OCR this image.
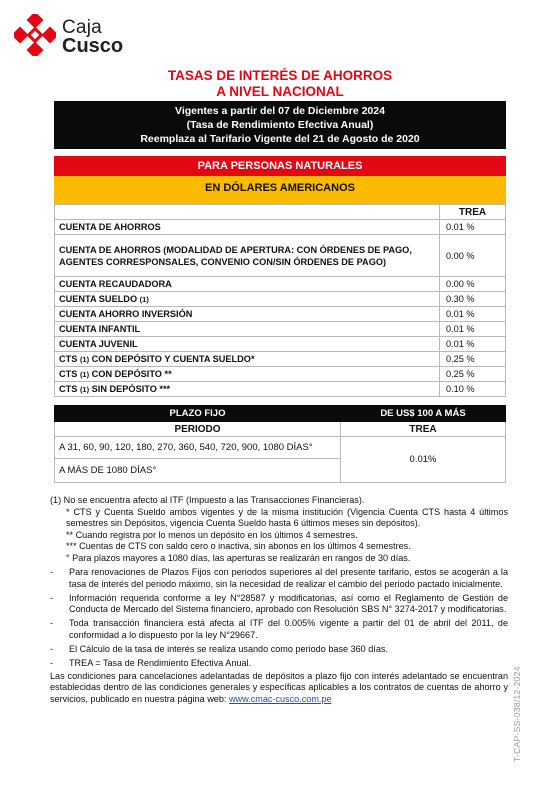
Caja
Cusco
TASAS DE INTERÉS DE AHORROS
A NIVEL NACIONAL
Vigentes a partir del 07 de Diciembre 2024
(Tasa de Rendimiento Efectiva Anual)
Reemplaza al Tarifario Vigente del 21 de Agosto de 2020
PARA PERSONAS NATURALES
EN DÓLARES AMERICANOS
	TREA
CUENTA DE AHORROS	0.01 %
CUENTA DE AHORROS (MODALIDAD DE APERTURA: CON ÓRDENES DE PAGO, AGENTES CORRESPONSALES, CONVENIO CON/SIN ÓRDENES DE PAGO)	0.00 %
CUENTA RECAUDADORA	0.00 %
CUENTA SUELDO (1)	0.30 %
CUENTA AHORRO INVERSIÓN	0.01 %
CUENTA INFANTIL	0.01 %
CUENTA JUVENIL	0.01 %
CTS (1) CON DEPÓSITO Y CUENTA SUELDO*	0.25 %
CTS (1) CON DEPÓSITO **	0.25 %
CTS (1) SIN DEPÓSITO ***	0.10 %
PLAZO FIJO	DE US$ 100 A MÁS
PERIODO	TREA
A 31, 60, 90, 120, 180, 270, 360, 540, 720, 900, 1080 DÍAS°	0.01%
A MÁS DE 1080 DÍAS°	

(1) No se encuentra afecto al ITF (Impuesto a las Transacciones Financieras).

* CTS y Cuenta Sueldo ambos vigentes y de la misma institución (Vigencia Cuenta CTS hasta 4 últimos semestres sin Depósitos, vigencia Cuenta Sueldo hasta 6 últimos meses sin depósitos).

** Cuando registra por lo menos un depósito en los últimos 4 semestres.

*** Cuentas de CTS con saldo cero o inactiva, sin abonos en los últimos 4 semestres.

° Para plazos mayores a 1080 días, las aperturas se realizarán en rangos de 30 días.

-	Para renovaciones de Plazos Fijos con periodos superiores al del presente tarifario, estos se acogerán a la tasa de interés del periodo máximo, sin la necesidad de realizar el cambio del periodo pactado inicialmente.
-	Información requerida conforme a ley N°28587 y modificatorias, así como el Reglamento de Gestión de Conducta de Mercado del Sistema financiero, aprobado con Resolución SBS N° 3274-2017 y modificatorias.
-	Toda transacción financiera está afecta al ITF del 0.005% vigente a partir del 01 de abril del 2011, de conformidad a lo dispuesto por la ley N°29667.
-	El Cálculo de la tasa de interés se realiza usando como periodo base 360 días.
-	TREA = Tasa de Rendimiento Efectiva Anual.

Las condiciones para cancelaciones adelantadas de depósitos a plazo fijo con interés adelantado se encuentran establecidas dentro de las condiciones generales y específicas aplicables a los contratos de cuentas de ahorro y servicios, publicado en nuestra página web: www.cmac-cusco.com.pe	T-CAP-SS-038/12-2024
